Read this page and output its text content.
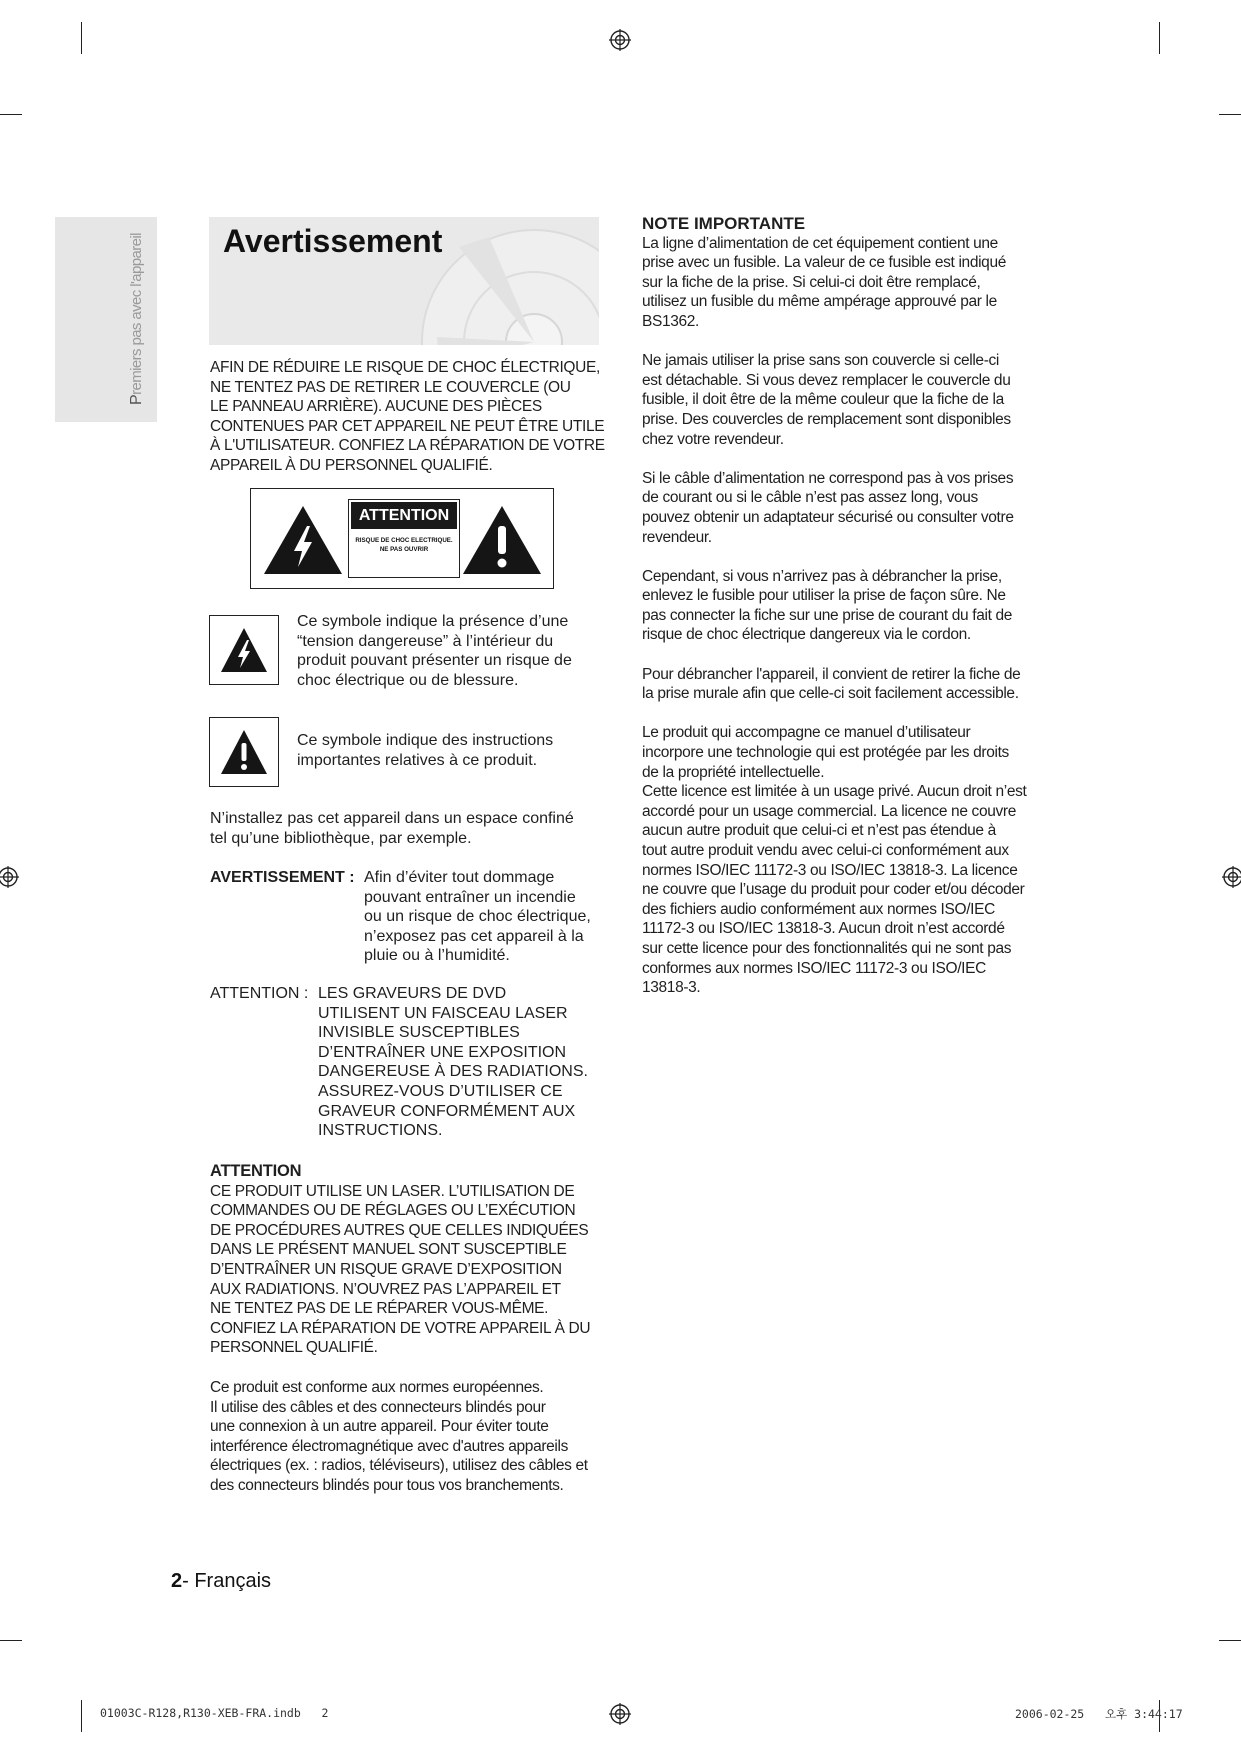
Premiers pas avec l'appareil Avertissement

AFIN DE RÉDUIRE LE RISQUE DE CHOC ÉLECTRIQUE,

NE TENTEZ PAS DE RETIRER LE COUVERCLE (OU

LE PANNEAU ARRIÈRE). AUCUNE DES PIÈCES

CONTENUES PAR CET APPAREIL NE PEUT ÊTRE UTILE

À L'UTILISATEUR. CONFIEZ LA RÉPARATION DE VOTRE

APPAREIL À DU PERSONNEL QUALIFIÉ.

ATTENTION
RISQUE DE CHOC ELECTRIQUE.
NE PAS OUVRIR

Ce symbole indique la présence d’une

“tension dangereuse” à l’intérieur du

produit pouvant présenter un risque de

choc électrique ou de blessure.

Ce symbole indique des instructions

importantes relatives à ce produit.

N’installez pas cet appareil dans un espace confiné

tel qu’une bibliothèque, par exemple.

AVERTISSEMENT : Afin d’éviter tout dommage
pouvant entraîner un incendie
ou un risque de choc électrique,
n’exposez pas cet appareil à la
pluie ou à l’humidité.
ATTENTION : LES GRAVEURS DE DVD
UTILISENT UN FAISCEAU LASER
INVISIBLE SUSCEPTIBLES
D’ENTRAÎNER UNE EXPOSITION
DANGEREUSE À DES RADIATIONS.
ASSUREZ-VOUS D’UTILISER CE
GRAVEUR CONFORMÉMENT AUX
INSTRUCTIONS.

ATTENTION

CE PRODUIT UTILISE UN LASER. L’UTILISATION DE

COMMANDES OU DE RÉGLAGES OU L’EXÉCUTION

DE PROCÉDURES AUTRES QUE CELLES INDIQUÉES

DANS LE PRÉSENT MANUEL SONT SUSCEPTIBLE

D’ENTRAÎNER UN RISQUE GRAVE D’EXPOSITION

AUX RADIATIONS. N’OUVREZ PAS L’APPAREIL ET

NE TENTEZ PAS DE LE RÉPARER VOUS-MÊME.

CONFIEZ LA RÉPARATION DE VOTRE APPAREIL À DU

PERSONNEL QUALIFIÉ.

Ce produit est conforme aux normes européennes.

Il utilise des câbles et des connecteurs blindés pour

une connexion à un autre appareil. Pour éviter toute

interférence électromagnétique avec d'autres appareils

électriques (ex. : radios, téléviseurs), utilisez des câbles et

des connecteurs blindés pour tous vos branchements.

NOTE IMPORTANTE

La ligne d’alimentation de cet équipement contient une

prise avec un fusible. La valeur de ce fusible est indiqué

sur la fiche de la prise. Si celui-ci doit être remplacé,

utilisez un fusible du même ampérage approuvé par le

BS1362.

Ne jamais utiliser la prise sans son couvercle si celle-ci

est détachable. Si vous devez remplacer le couvercle du

fusible, il doit être de la même couleur que la fiche de la

prise. Des couvercles de remplacement sont disponibles

chez votre revendeur.

Si le câble d’alimentation ne correspond pas à vos prises

de courant ou si le câble n’est pas assez long, vous

pouvez obtenir un adaptateur sécurisé ou consulter votre

revendeur.

Cependant, si vous n’arrivez pas à débrancher la prise,

enlevez le fusible pour utiliser la prise de façon sûre. Ne

pas connecter la fiche sur une prise de courant du fait de

risque de choc électrique dangereux via le cordon.

Pour débrancher l'appareil, il convient de retirer la fiche de

la prise murale afin que celle-ci soit facilement accessible.

Le produit qui accompagne ce manuel d’utilisateur

incorpore une technologie qui est protégée par les droits

de la propriété intellectuelle.

Cette licence est limitée à un usage privé. Aucun droit n’est

accordé pour un usage commercial. La licence ne couvre

aucun autre produit que celui-ci et n’est pas étendue à

tout autre produit vendu avec celui-ci conformément aux

normes ISO/IEC 11172-3 ou ISO/IEC 13818-3. La licence

ne couvre que l’usage du produit pour coder et/ou décoder

des fichiers audio conformément aux normes ISO/IEC

11172-3 ou ISO/IEC 13818-3. Aucun droit n’est accordé

sur cette licence pour des fonctionnalités qui ne sont pas

conformes aux normes ISO/IEC 11172-3 ou ISO/IEC

13818-3.

2- Français
01003C-R128,R130-XEB-FRA.indb   2	2006-02-25   오후 3:44:17
